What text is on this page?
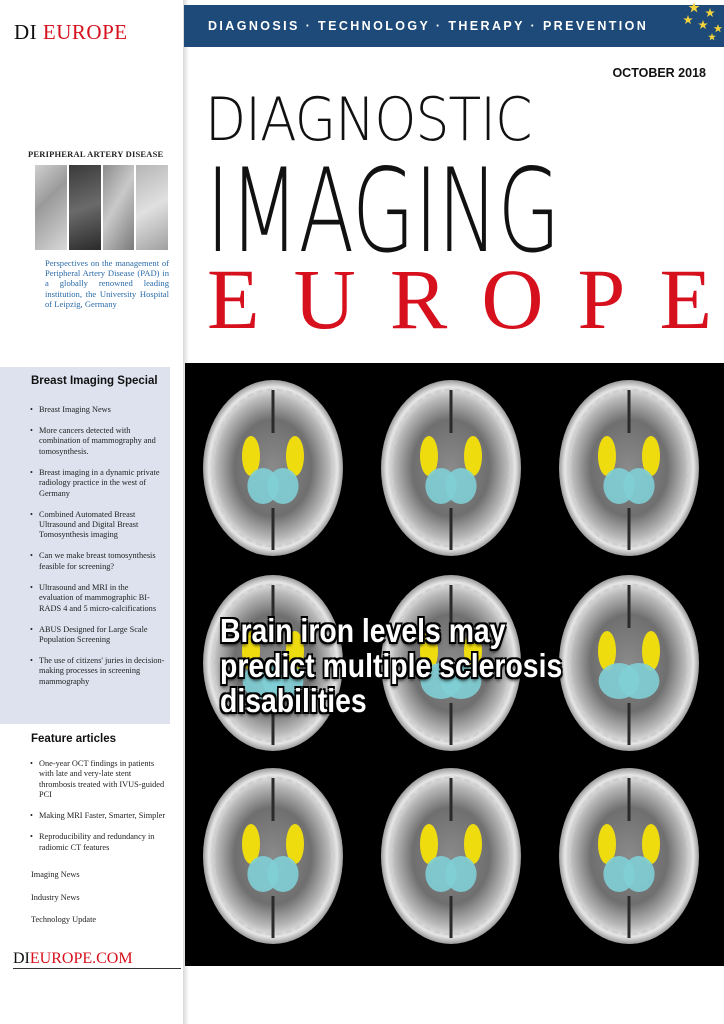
DI EUROPE
PERIPHERAL ARTERY DISEASE
Perspectives on the management of Peripheral Artery Disease (PAD) in a globally renowned leading institution, the University Hospital of Leipzig, Germany
Breast Imaging Special
• Breast Imaging News
• More cancers detected with combination of mammography and tomosynthesis.
• Breast imaging in a dynamic private radiology practice in the west of Germany
• Combined Automated Breast Ultrasound and Digital Breast Tomosynthesis imaging
• Can we make breast tomosynthesis feasible for screening?
• Ultrasound and MRI in the evaluation of mammographic BI-RADS 4 and 5 micro-calcifications
• ABUS Designed for Large Scale Population Screening
• The use of citizens' juries in decision-making processes in screening mammography
Feature articles
• One-year OCT findings in patients with late and very-late stent thrombosis treated with IVUS-guided PCI
• Making MRI Faster, Smarter, Simpler
• Reproducibility and redundancy in radiomic CT features
Imaging News
Industry News
Technology Update
DIEUROPE.COM
DIAGNOSIS · TECHNOLOGY · THERAPY · PREVENTION
OCTOBER 2018
DIAGNOSTIC
IMAGING
E U R O P E
Brain iron levels may
predict multiple sclerosis
disabilities
